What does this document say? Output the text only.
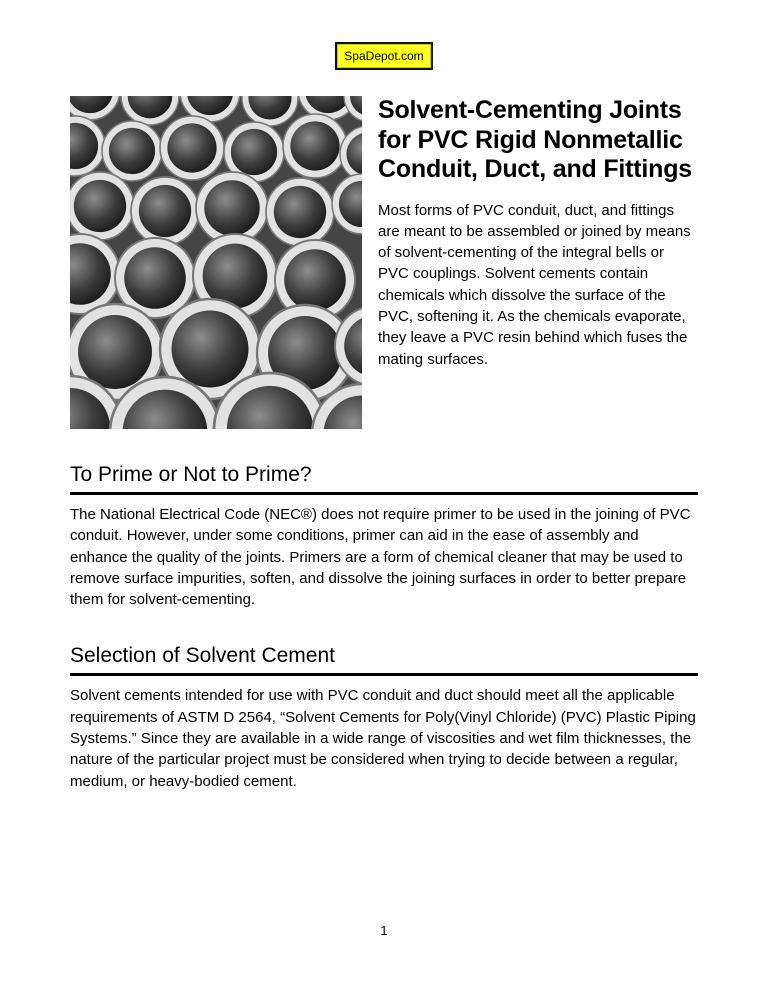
SpaDepot.com
Solvent-Cementing Joints for PVC Rigid Nonmetallic Conduit, Duct, and Fittings

Most forms of PVC conduit, duct, and fittings are meant to be assembled or joined by means of solvent-cementing of the integral bells or PVC couplings. Solvent cements contain chemicals which dissolve the surface of the PVC, softening it. As the chemicals evaporate, they leave a PVC resin behind which fuses the mating surfaces.

To Prime or Not to Prime?

The National Electrical Code (NEC®) does not require primer to be used in the joining of PVC conduit. However, under some conditions, primer can aid in the ease of assembly and enhance the quality of the joints. Primers are a form of chemical cleaner that may be used to remove surface impurities, soften, and dissolve the joining surfaces in order to better prepare them for solvent-cementing.

Selection of Solvent Cement

Solvent cements intended for use with PVC conduit and duct should meet all the applicable requirements of ASTM D 2564, “Solvent Cements for Poly(Vinyl Chloride) (PVC) Plastic Piping Systems.” Since they are available in a wide range of viscosities and wet film thicknesses, the nature of the particular project must be considered when trying to decide between a regular, medium, or heavy-bodied cement.

1
